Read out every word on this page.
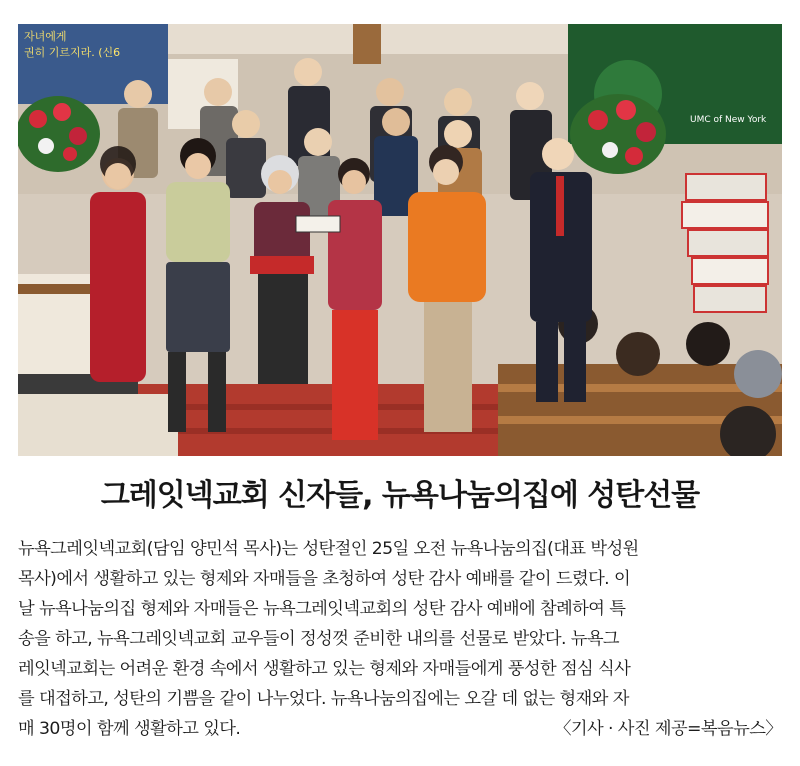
자녀에게
권히 기르지라. (신6
UMC of New York
그레잇넥교회 신자들, 뉴욕나눔의집에 성탄선물
뉴욕그레잇넥교회(담임 양민석 목사)는 성탄절인 25일 오전 뉴욕나눔의집(대표 박성원
목사)에서 생활하고 있는 형제와 자매들을 초청하여 성탄 감사 예배를 같이 드렸다. 이
날 뉴욕나눔의집 형제와 자매들은 뉴욕그레잇넥교회의 성탄 감사 예배에 참례하여 특
송을 하고, 뉴욕그레잇넥교회 교우들이 정성껏 준비한 내의를 선물로 받았다. 뉴욕그
레잇넥교회는 어려운 환경 속에서 생활하고 있는 형제와 자매들에게 풍성한 점심 식사
를 대접하고, 성탄의 기쁨을 같이 나누었다. 뉴욕나눔의집에는 오갈 데 없는 형재와 자
매 30명이 함께 생활하고 있다.	〈기사 · 사진 제공=복음뉴스〉
